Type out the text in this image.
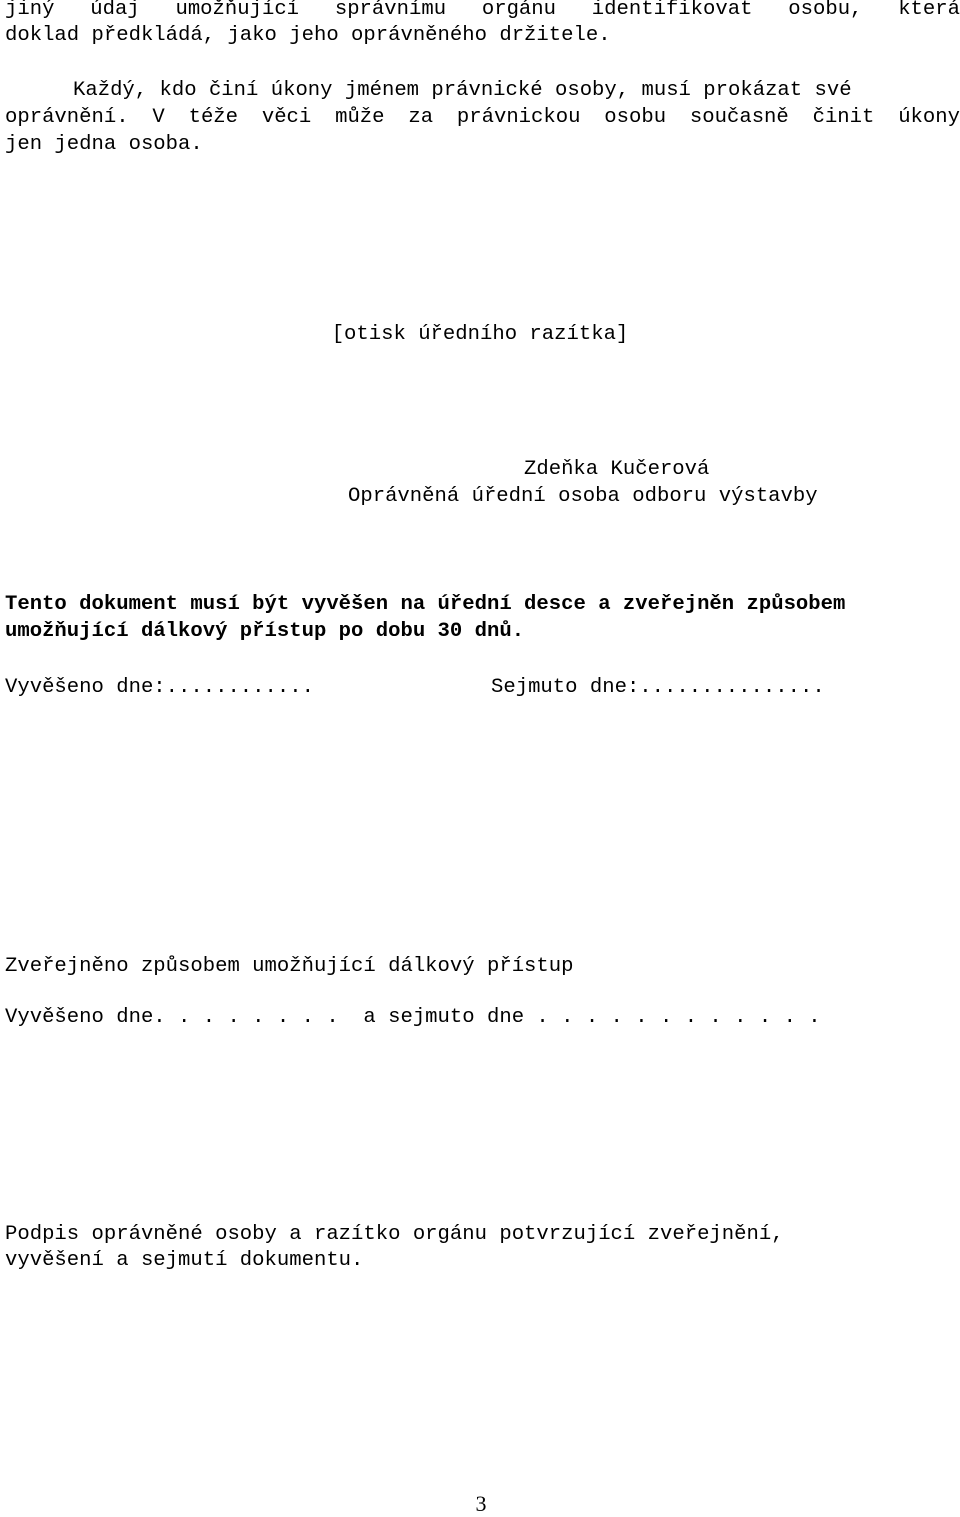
jiný údaj umožňující správnímu orgánu identifikovat osobu, která
doklad předkládá, jako jeho oprávněného držitele.
Každý, kdo činí úkony jménem právnické osoby, musí prokázat své
oprávnění. V téže věci může za právnickou osobu současně činit úkony
jen jedna osoba.
[otisk úředního razítka]
Zdeňka Kučerová
Oprávněná úřední osoba odboru výstavby
Tento dokument musí být vyvěšen na úřední desce a zveřejněn způsobem
umožňující dálkový přístup po dobu 30 dnů.
Vyvěšeno dne:............	Sejmuto dne:...............
Zveřejněno způsobem umožňující dálkový přístup
Vyvěšeno dne. . . . . . . .  a sejmuto dne . . . . . . . . . . . .
Podpis oprávněné osoby a razítko orgánu potvrzující zveřejnění,
vyvěšení a sejmutí dokumentu.
3
